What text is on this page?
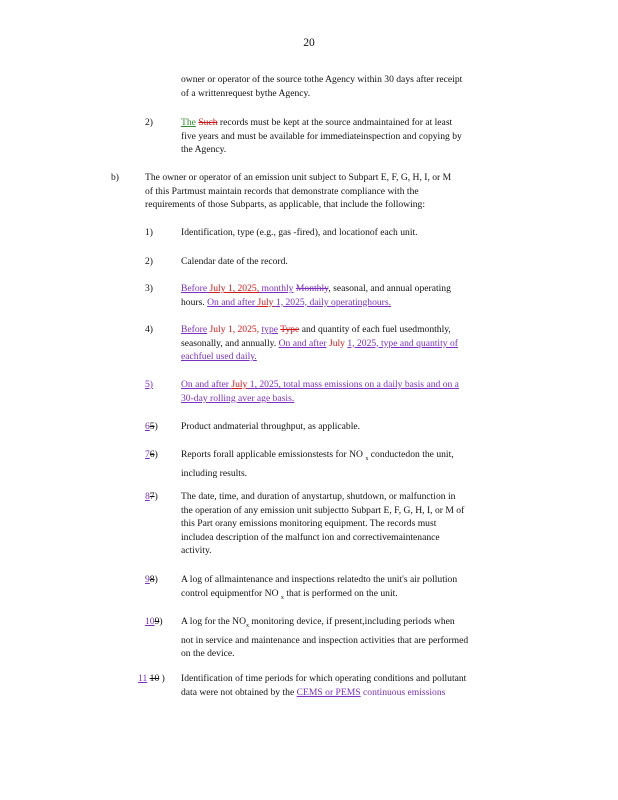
20
owner or operator of the source tothe Agency within 30 days after receipt
of a writtenrequest bythe Agency.
2)	The Such records must be kept at the source andmaintained for at least
five years and must be available for immediateinspection and copying by
the Agency.
b)	The owner or operator of an emission unit subject to Subpart E, F, G, H, I, or M
of this Partmust maintain records that demonstrate compliance with the
requirements of those Subparts, as applicable, that include the following:
1)	Identification, type (e.g., gas -fired), and locationof each unit.
2)	Calendar date of the record.
3)	Before July 1, 2025, monthly Monthly, seasonal, and annual operating
hours. On and after July 1, 2025, daily operatinghours.
4)	Before July 1, 2025, type Type and quantity of each fuel usedmonthly,
seasonally, and annually. On and after July 1, 2025, type and quantity of
eachfuel used daily.
5)	On and after July 1, 2025, total mass emissions on a daily basis and on a
30-day rolling aver age basis.
65) Product andmaterial throughput, as applicable.
76) Reports forall applicable emissionstests for NO $_x$ conductedon the unit,
including results.
87) The date, time, and duration of anystartup, shutdown, or malfunction in
the operation of any emission unit subjectto Subpart E, F, G, H, I, or M of
this Part orany emissions monitoring equipment. The records must
includea description of the malfunct ion and correctivemaintenance
activity.
98) A log of allmaintenance and inspections relatedto the unit's air pollution
control equipmentfor NO $_x$ that is performed on the unit.
109) A log for the $NO_x$ monitoring device, if present,including periods when
not in service and maintenance and inspection activities that are performed
on the device.
11 10 ) Identification of time periods for which operating conditions and pollutant
data were not obtained by the CEMS or PEMS continuous emissions
